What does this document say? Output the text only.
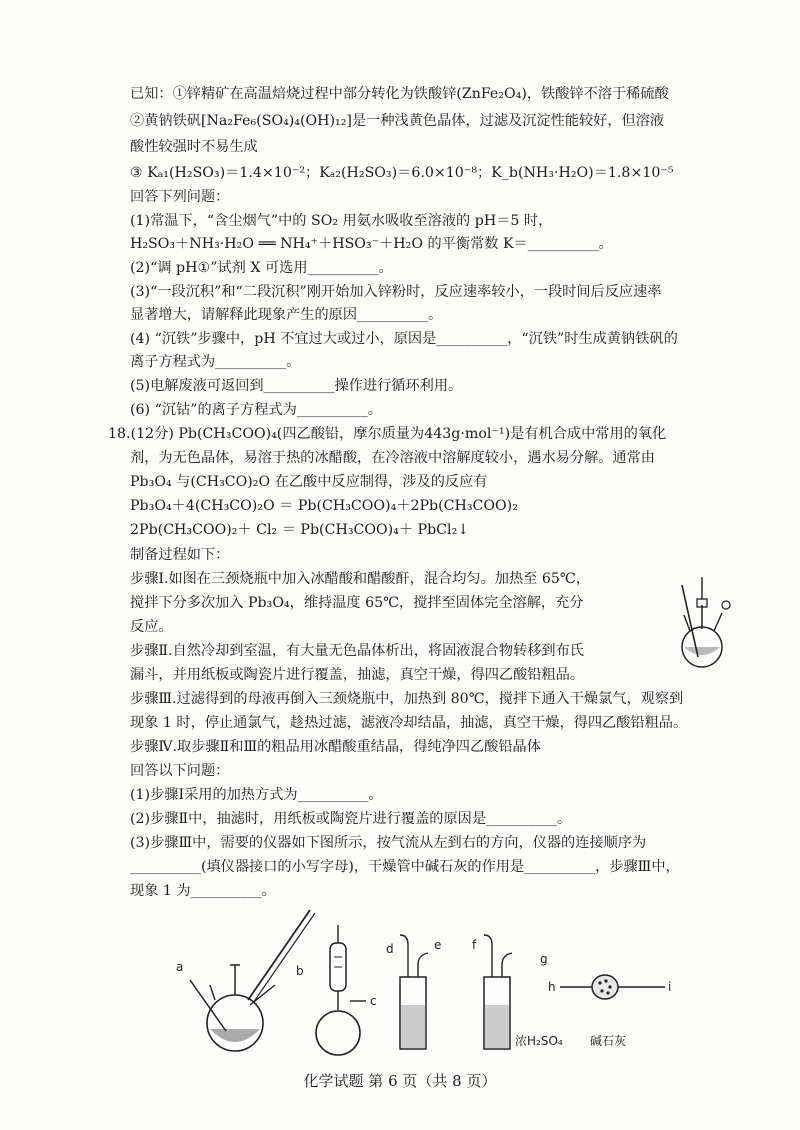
已知：①锌精矿在高温焙烧过程中部分转化为铁酸锌(ZnFe₂O₄)，铁酸锌不溶于稀硫酸
②黄钠铁矾[Na₂Fe₆(SO₄)₄(OH)₁₂]是一种浅黄色晶体，过滤及沉淀性能较好，但溶液
酸性较强时不易生成
③ Kₐ₁(H₂SO₃)＝1.4×10⁻²；Kₐ₂(H₂SO₃)＝6.0×10⁻⁸；K_b(NH₃·H₂O)＝1.8×10⁻⁵
回答下列问题：
(1)常温下，“含尘烟气”中的 SO₂ 用氨水吸收至溶液的 pH＝5 时，
H₂SO₃＋NH₃·H₂O ══ NH₄⁺＋HSO₃⁻＋H₂O 的平衡常数 K＝__________。
(2)“调 pH①”试剂 X 可选用__________。
(3)“一段沉积”和“二段沉积”刚开始加入锌粉时，反应速率较小，一段时间后反应速率
显著增大，请解释此现象产生的原因__________。
(4) “沉铁”步骤中，pH 不宜过大或过小，原因是__________，“沉铁”时生成黄钠铁矾的
离子方程式为__________。
(5)电解废液可返回到__________操作进行循环利用。
(6) “沉钴”的离子方程式为__________。
18.(12分) Pb(CH₃COO)₄(四乙酸铅，摩尔质量为443g·mol⁻¹)是有机合成中常用的氧化
剂，为无色晶体，易溶于热的冰醋酸，在冷溶液中溶解度较小，遇水易分解。通常由
Pb₃O₄ 与(CH₃CO)₂O 在乙酸中反应制得，涉及的反应有
Pb₃O₄＋4(CH₃CO)₂O ＝ Pb(CH₃COO)₄＋2Pb(CH₃COO)₂
2Pb(CH₃COO)₂＋ Cl₂ ＝ Pb(CH₃COO)₄＋ PbCl₂↓
制备过程如下：
步骤Ⅰ.如图在三颈烧瓶中加入冰醋酸和醋酸酐，混合均匀。加热至 65℃，
搅拌下分多次加入 Pb₃O₄，维持温度 65℃，搅拌至固体完全溶解，充分
反应。
步骤Ⅱ.自然冷却到室温，有大量无色晶体析出，将固液混合物转移到布氏
漏斗，并用纸板或陶瓷片进行覆盖，抽滤，真空干燥，得四乙酸铅粗品。
步骤Ⅲ.过滤得到的母液再倒入三颈烧瓶中，加热到 80℃，搅拌下通入干燥氯气，观察到
现象 1 时，停止通氯气，趁热过滤，滤液冷却结晶，抽滤，真空干燥，得四乙酸铅粗品。
步骤Ⅳ.取步骤Ⅱ和Ⅲ的粗品用冰醋酸重结晶，得纯净四乙酸铅晶体
回答以下问题：
(1)步骤Ⅰ采用的加热方式为__________。
(2)步骤Ⅱ中，抽滤时，用纸板或陶瓷片进行覆盖的原因是__________。
(3)步骤Ⅲ中，需要的仪器如下图所示，按气流从左到右的方向，仪器的连接顺序为
__________(填仪器接口的小写字母)，干燥管中碱石灰的作用是__________，步骤Ⅲ中，
现象 1 为__________。
a	b
c
d	e	f
g
浓H₂SO₄
h	i
碱石灰
化学试题 第 6 页（共 8 页）
